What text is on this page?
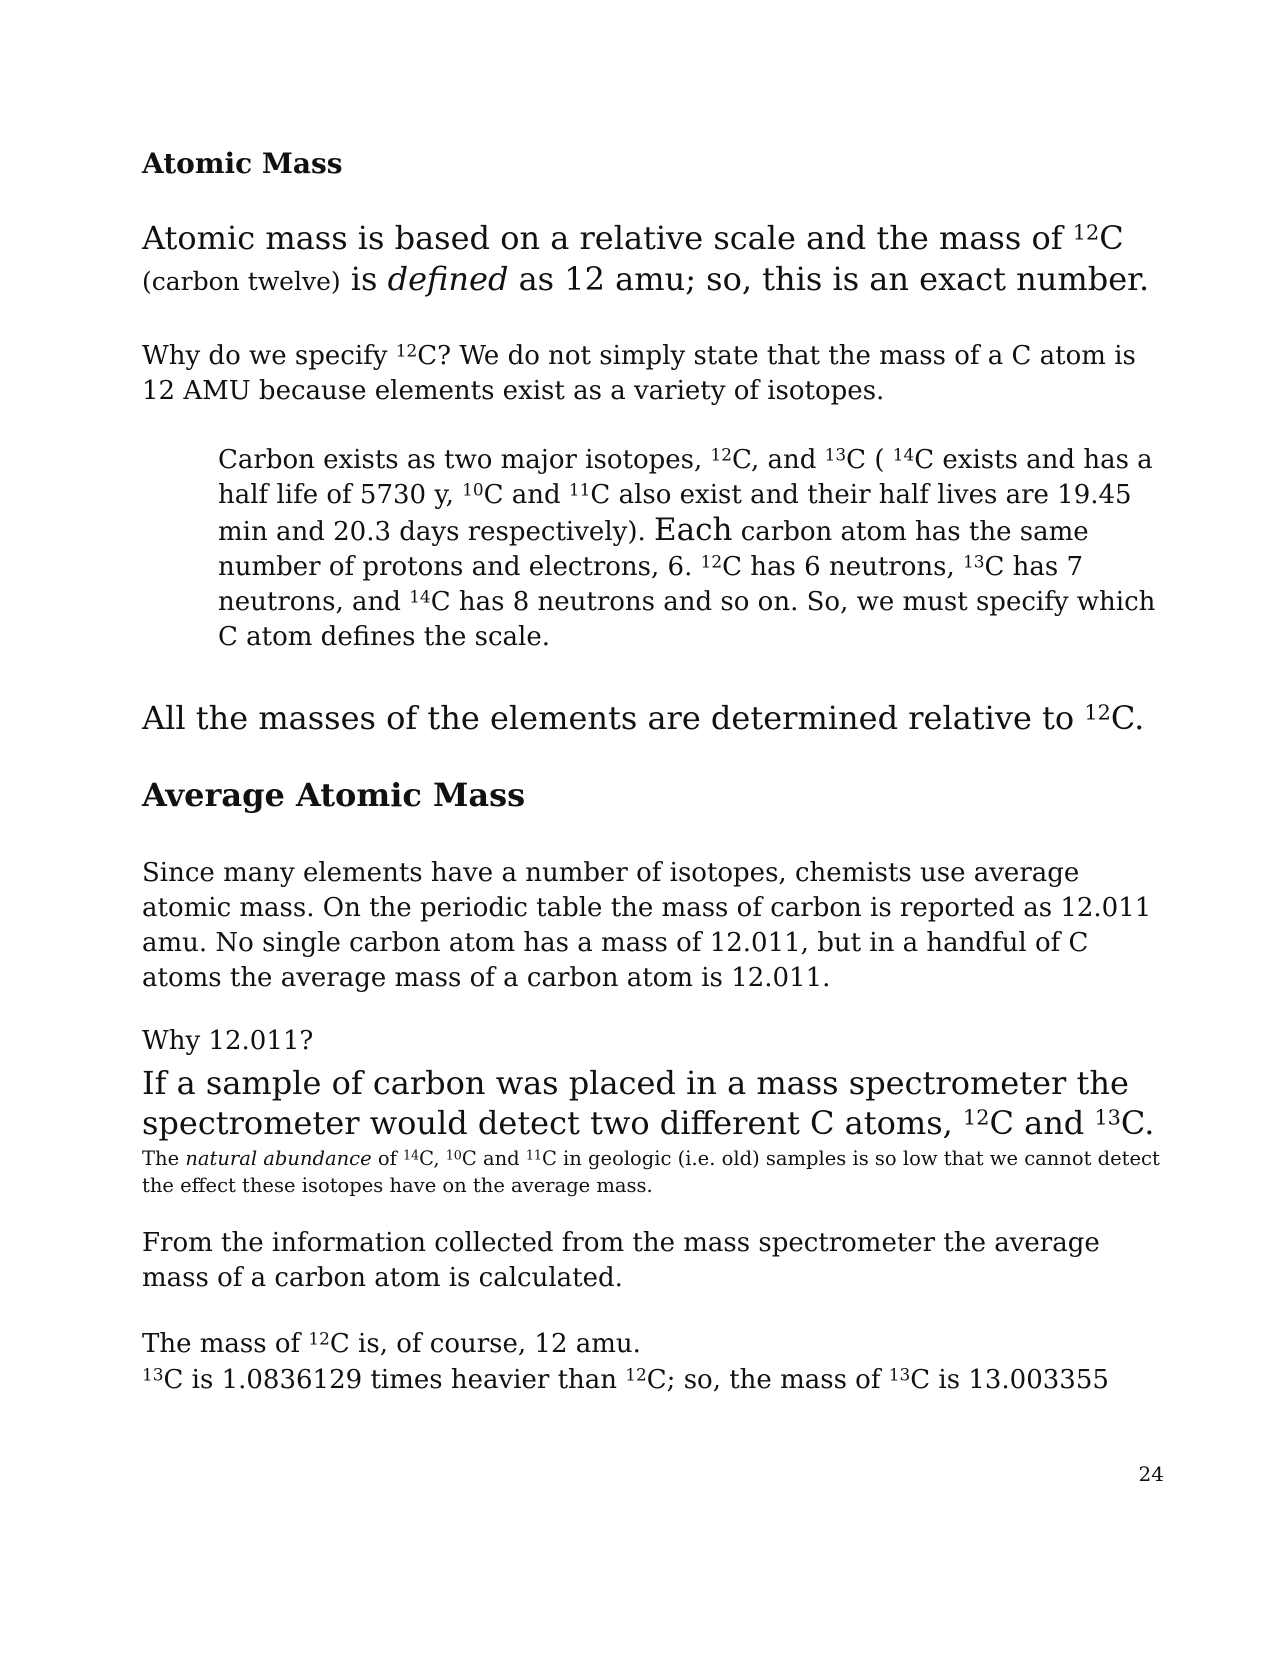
Atomic Mass

Atomic mass is based on a relative scale and the mass of $^{12}$C
(carbon twelve) is defined as 12 amu; so, this is an exact number.

Why do we specify $^{12}$C? We do not simply state that the mass of a C atom is 12 AMU because elements exist as a variety of isotopes.

Carbon exists as two major isotopes, $^{12}$C, and $^{13}$C ( $^{14}$C exists and has a half life of 5730 y, $^{10}$C and $^{11}$C also exist and their half lives are 19.45 min and 20.3 days respectively). Each carbon atom has the same number of protons and electrons, 6. $^{12}$C has 6 neutrons, $^{13}$C has 7 neutrons, and $^{14}$C has 8 neutrons and so on. So, we must specify which C atom defines the scale.

All the masses of the elements are determined relative to $^{12}$C.

Average Atomic Mass

Since many elements have a number of isotopes, chemists use average atomic mass. On the periodic table the mass of carbon is reported as 12.011 amu. No single carbon atom has a mass of 12.011, but in a handful of C atoms the average mass of a carbon atom is 12.011.

Why 12.011?

If a sample of carbon was placed in a mass spectrometer the spectrometer would detect two different C atoms, $^{12}$C and $^{13}$C.

The natural abundance of $^{14}$C, $^{10}$C and $^{11}$C in geologic (i.e. old) samples is so low that we cannot detect the effect these isotopes have on the average mass.

From the information collected from the mass spectrometer the average mass of a carbon atom is calculated.

The mass of $^{12}$C is, of course, 12 amu.
$^{13}$C is 1.0836129 times heavier than $^{12}$C; so, the mass of $^{13}$C is 13.003355

24
